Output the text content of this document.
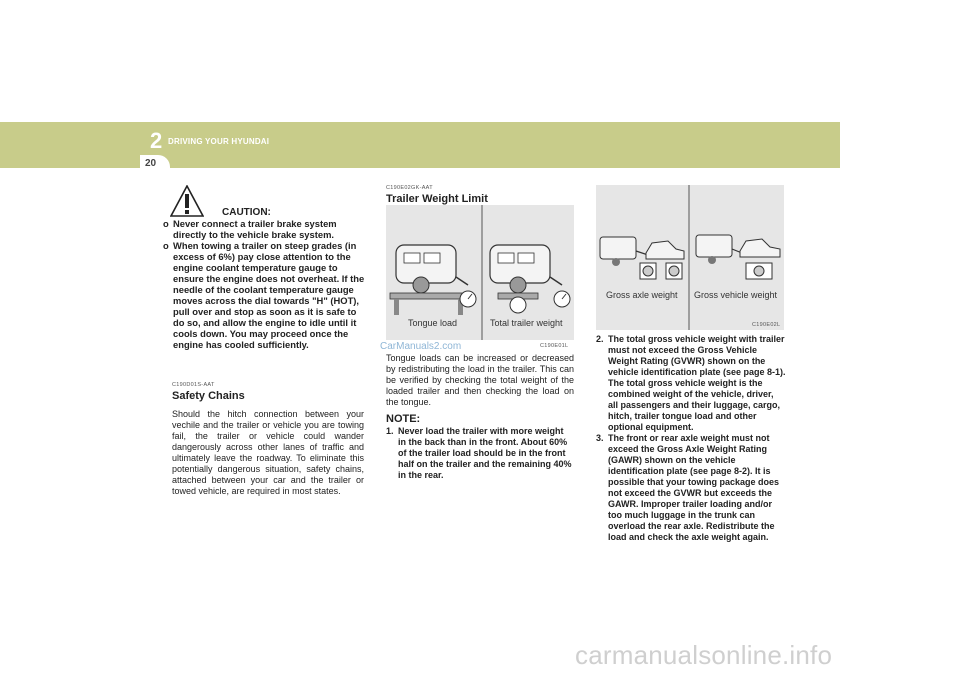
2 DRIVING YOUR HYUNDAI
20
CAUTION:
o Never connect a trailer brake system directly to the vehicle brake system.
o When towing a trailer on steep grades (in excess of 6%) pay close attention to the engine coolant temperature gauge to ensure the engine does not overheat. If the needle of the coolant temperature gauge moves across the dial towards "H" (HOT), pull over and stop as soon as it is safe to do so, and allow the engine to idle until it cools down. You may proceed once the engine has cooled sufficiently.
C190D01S-AAT
Safety Chains
Should the hitch connection between your vechile and the trailer or vehicle you are towing fail, the trailer or vehicle could wander dangerously across other lanes of traffic and ultimately leave the roadway. To eliminate this potentially dangerous situation, safety chains, attached between your car and the trailer or towed vehicle, are required in most states.
C190E02GK-AAT
Trailer Weight Limit
Tongue load	Total trailer weight
CarManuals2.com	C190E01L
Tongue loads can be increased or decreased by redistributing the load in the trailer. This can be verified by checking the total weight of the loaded trailer and then checking the load on the tongue.
NOTE:
1. Never load the trailer with more weight in the back than in the front. About 60% of the trailer load should be in the front half on the trailer and the remaining 40% in the rear.
Gross axle weight Gross vehicle weight
C190E02L
2. The total gross vehicle weight with trailer must not exceed the Gross Vehicle Weight Rating (GVWR) shown on the vehicle identification plate (see page 8-1). The total gross vehicle weight is the combined weight of the vehicle, driver, all passengers and their luggage, cargo, hitch, trailer tongue load and other optional equipment.
3. The front or rear axle weight must not exceed the Gross Axle Weight Rating (GAWR) shown on the vehicle identification plate (see page 8-2). It is possible that your towing package does not exceed the GVWR but exceeds the GAWR. Improper trailer loading and/or too much luggage in the trunk can overload the rear axle. Redistribute the load and check the axle weight again.
carmanualsonline.info
